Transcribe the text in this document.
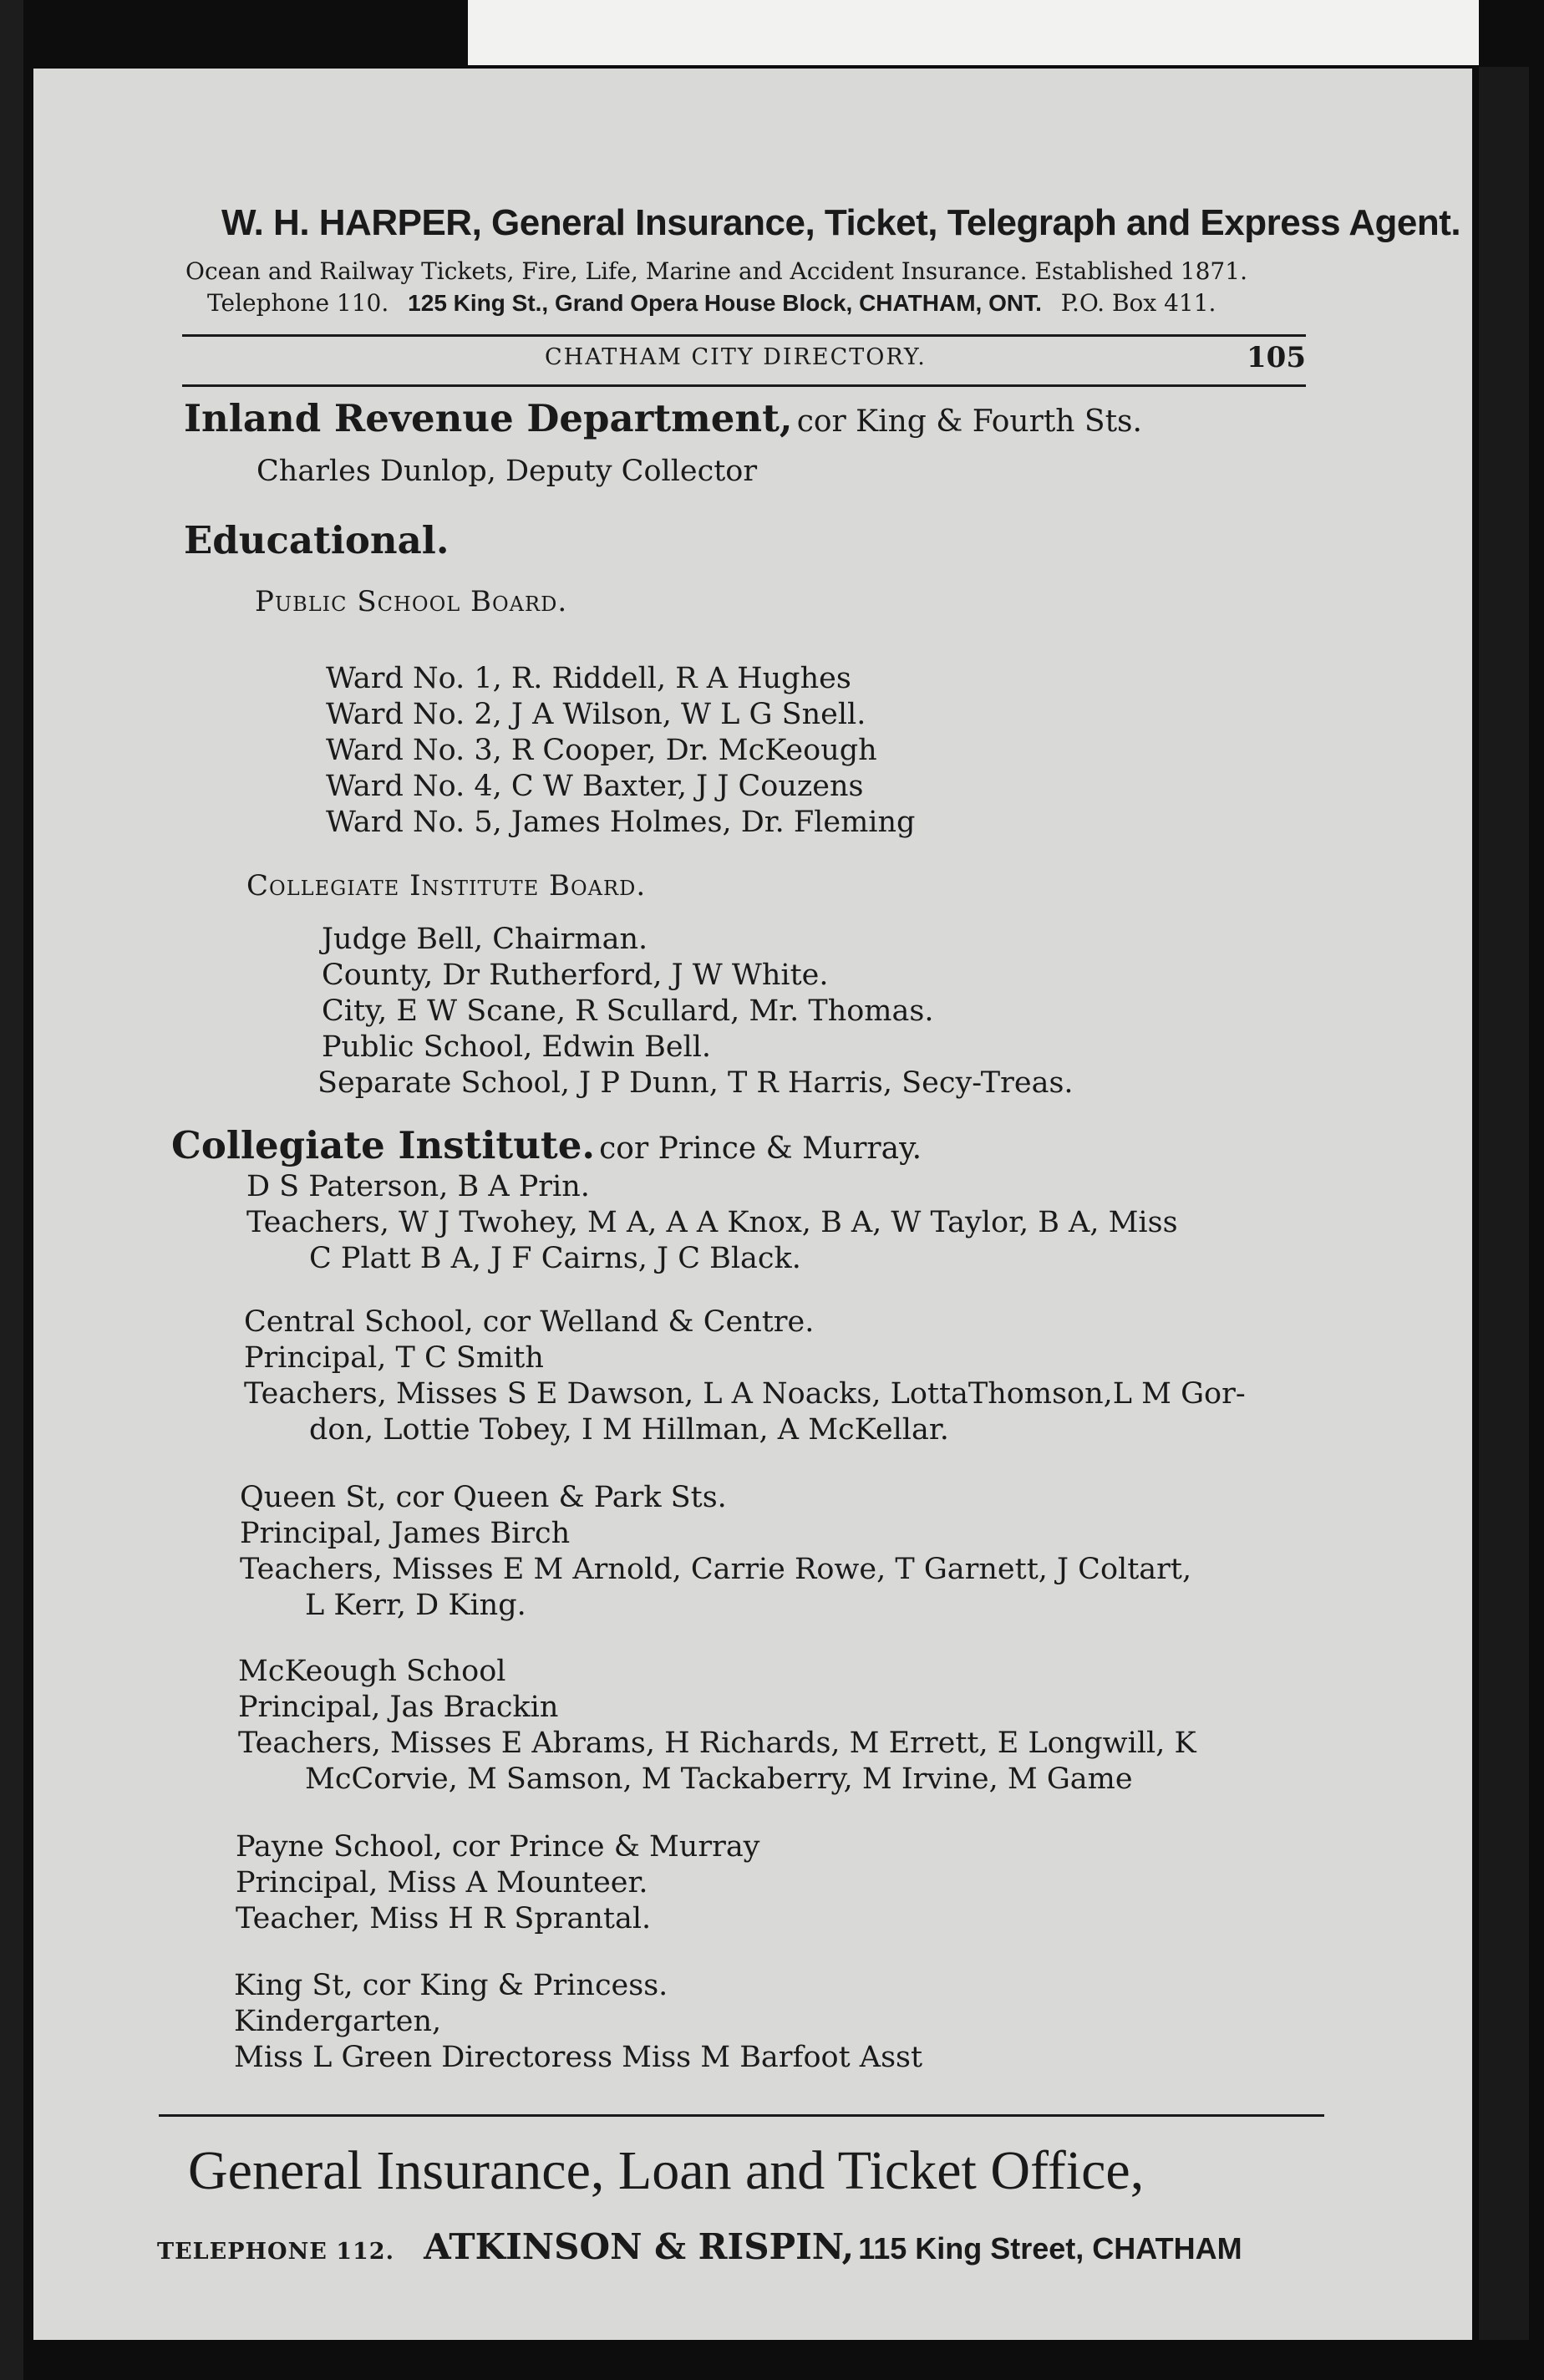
W. H. HARPER, General Insurance, Ticket, Telegraph and Express Agent.
Ocean and Railway Tickets, Fire, Life, Marine and Accident Insurance. Established 1871.
Telephone 110. 125 King St., Grand Opera House Block, CHATHAM, ONT. P.O. Box 411.
CHATHAM CITY DIRECTORY.	105
Inland Revenue Department, cor King & Fourth Sts.
Charles Dunlop, Deputy Collector
Educational.
Public School Board.
Ward No. 1, R. Riddell, R A Hughes
Ward No. 2, J A Wilson, W L G Snell.
Ward No. 3, R Cooper, Dr. McKeough
Ward No. 4, C W Baxter, J J Couzens
Ward No. 5, James Holmes, Dr. Fleming
Collegiate Institute Board.
Judge Bell, Chairman.
County, Dr Rutherford, J W White.
City, E W Scane, R Scullard, Mr. Thomas.
Public School, Edwin Bell.
Separate School, J P Dunn, T R Harris, Secy-Treas.
Collegiate Institute. cor Prince & Murray.
D S Paterson, B A Prin.
Teachers, W J Twohey, M A, A A Knox, B A, W Taylor, B A, Miss
C Platt B A, J F Cairns, J C Black.
Central School, cor Welland & Centre.
Principal, T C Smith
Teachers, Misses S E Dawson, L A Noacks, LottaThomson,L M Gor-
don, Lottie Tobey, I M Hillman, A McKellar.
Queen St, cor Queen & Park Sts.
Principal, James Birch
Teachers, Misses E M Arnold, Carrie Rowe, T Garnett, J Coltart,
L Kerr, D King.
McKeough School
Principal, Jas Brackin
Teachers, Misses E Abrams, H Richards, M Errett, E Longwill, K
McCorvie, M Samson, M Tackaberry, M Irvine, M Game
Payne School, cor Prince & Murray
Principal, Miss A Mounteer.
Teacher, Miss H R Sprantal.
King St, cor King & Princess.
Kindergarten,
Miss L Green Directoress Miss M Barfoot Asst
General Insurance, Loan and Ticket Office,
TELEPHONE 112. ATKINSON & RISPIN, 115 King Street, CHATHAM
